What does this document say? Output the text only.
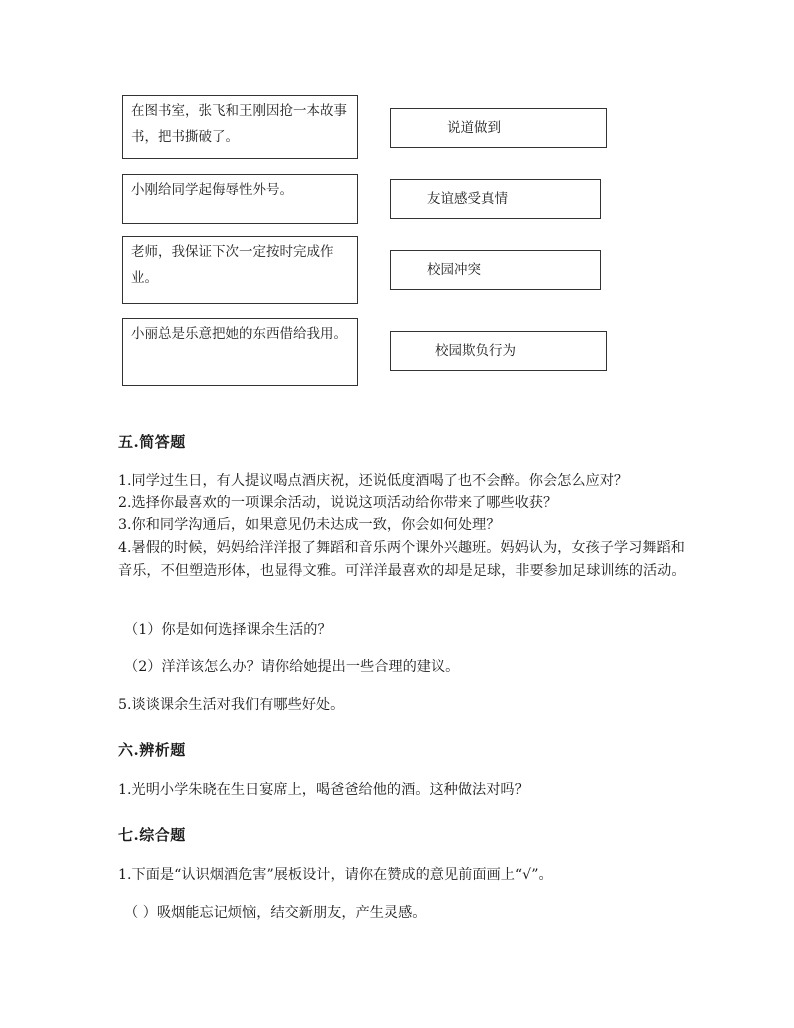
在图书室，张飞和王刚因抢一本故事书，把书撕破了。
小刚给同学起侮辱性外号。
老师，我保证下次一定按时完成作业。
小丽总是乐意把她的东西借给我用。
说道做到
友谊感受真情
校园冲突
校园欺负行为
五.简答题
1.同学过生日，有人提议喝点酒庆祝，还说低度酒喝了也不会醉。你会怎么应对？
2.选择你最喜欢的一项课余活动，说说这项活动给你带来了哪些收获？
3.你和同学沟通后，如果意见仍未达成一致，你会如何处理？
4.暑假的时候，妈妈给洋洋报了舞蹈和音乐两个课外兴趣班。妈妈认为，女孩子学习舞蹈和音乐，不但塑造形体，也显得文雅。可洋洋最喜欢的却是足球，非要参加足球训练的活动。
（1）你是如何选择课余生活的？
（2）洋洋该怎么办？请你给她提出一些合理的建议。
5.谈谈课余生活对我们有哪些好处。
六.辨析题
1.光明小学朱晓在生日宴席上，喝爸爸给他的酒。这种做法对吗？
七.综合题
1.下面是“认识烟酒危害”展板设计，请你在赞成的意见前面画上“√”。
（ ）吸烟能忘记烦恼，结交新朋友，产生灵感。
